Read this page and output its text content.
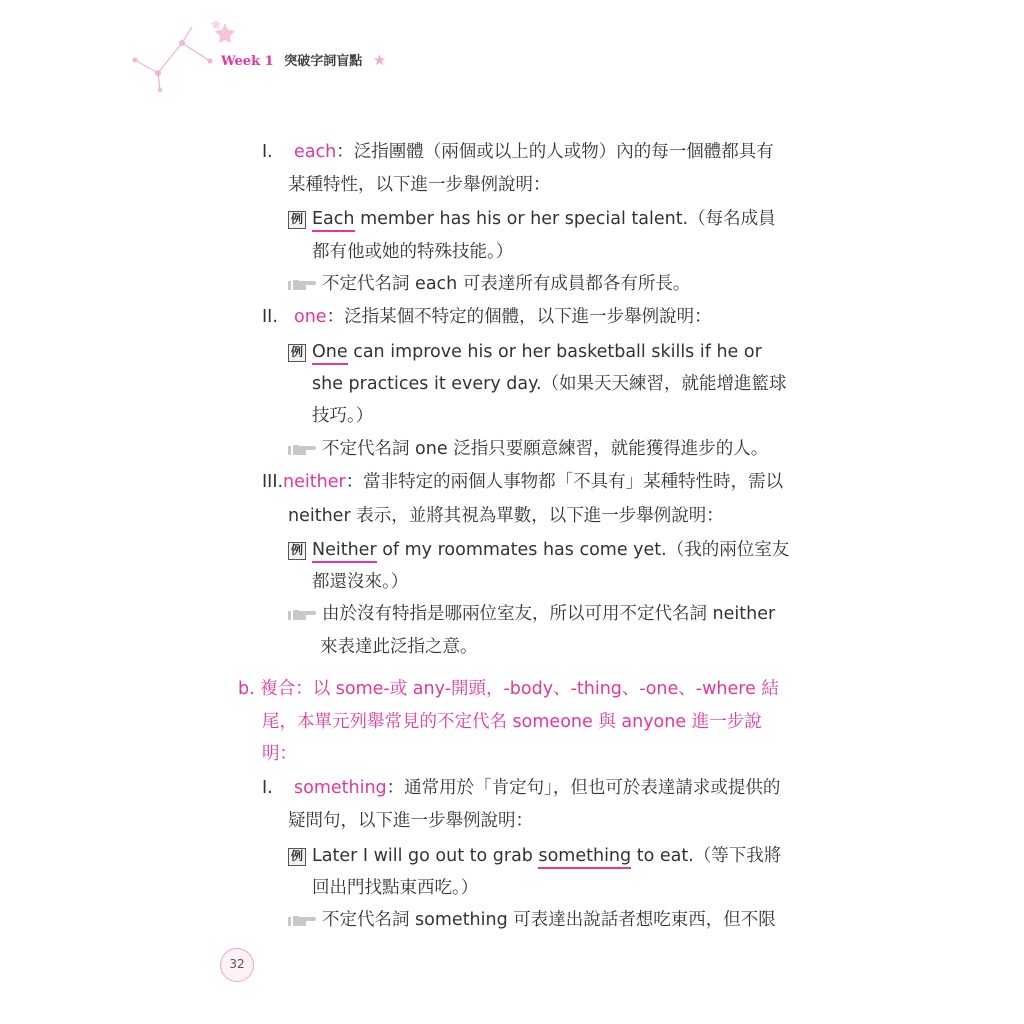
Week 1 突破字詞盲點 ★
I. each：泛指團體（兩個或以上的人或物）內的每一個體都具有
某種特性，以下進一步舉例說明：
例 Each member has his or her special talent.（每名成員
都有他或她的特殊技能。）
不定代名詞 each 可表達所有成員都各有所長。
II. one：泛指某個不特定的個體，以下進一步舉例說明：
例 One can improve his or her basketball skills if he or
she practices it every day.（如果天天練習，就能增進籃球
技巧。）
不定代名詞 one 泛指只要願意練習，就能獲得進步的人。
III.neither：當非特定的兩個人事物都「不具有」某種特性時，需以
neither 表示，並將其視為單數，以下進一步舉例說明：
例 Neither of my roommates has come yet.（我的兩位室友
都還沒來。）
由於沒有特指是哪兩位室友，所以可用不定代名詞 neither
來表達此泛指之意。
b. 複合：以 some-或 any-開頭，-body、-thing、-one、-where 結
尾，本單元列舉常見的不定代名 someone 與 anyone 進一步說
明：
I. something：通常用於「肯定句」，但也可於表達請求或提供的
疑問句，以下進一步舉例說明：
例 Later I will go out to grab something to eat.（等下我將
回出門找點東西吃。）
不定代名詞 something 可表達出說話者想吃東西，但不限
32
